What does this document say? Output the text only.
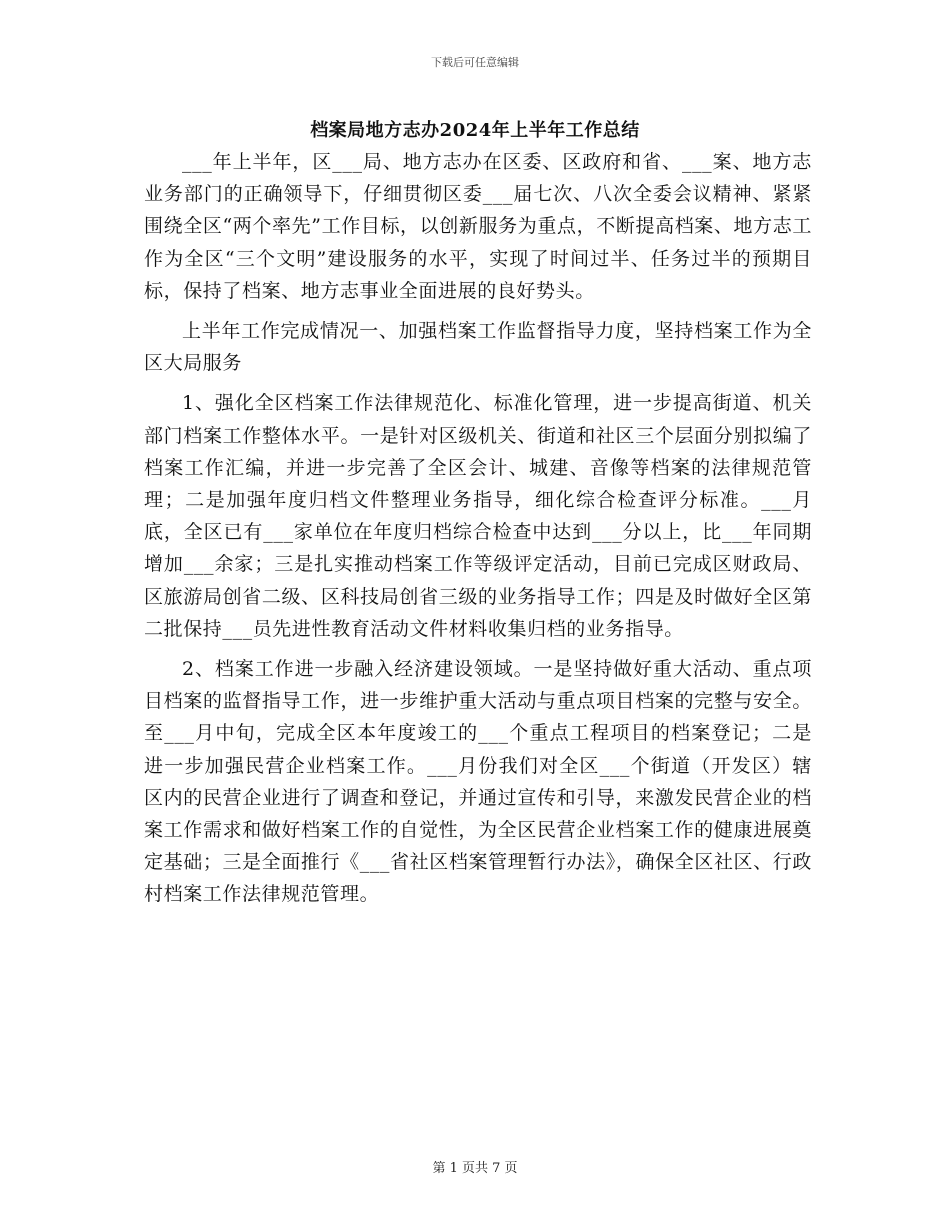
下载后可任意编辑
档案局地方志办2024年上半年工作总结

___年上半年，区___局、地方志办在区委、区政府和省、___案、地方志业务部门的正确领导下，仔细贯彻区委___届七次、八次全委会议精神、紧紧围绕全区“两个率先”工作目标，以创新服务为重点，不断提高档案、地方志工作为全区“三个文明”建设服务的水平，实现了时间过半、任务过半的预期目标，保持了档案、地方志事业全面进展的良好势头。

上半年工作完成情况一、加强档案工作监督指导力度，坚持档案工作为全区大局服务

1、强化全区档案工作法律规范化、标准化管理，进一步提高街道、机关部门档案工作整体水平。一是针对区级机关、街道和社区三个层面分别拟编了档案工作汇编，并进一步完善了全区会计、城建、音像等档案的法律规范管理；二是加强年度归档文件整理业务指导，细化综合检查评分标准。___月底，全区已有___家单位在年度归档综合检查中达到___分以上，比___年同期增加___余家；三是扎实推动档案工作等级评定活动，目前已完成区财政局、区旅游局创省二级、区科技局创省三级的业务指导工作；四是及时做好全区第二批保持___员先进性教育活动文件材料收集归档的业务指导。

2、档案工作进一步融入经济建设领域。一是坚持做好重大活动、重点项目档案的监督指导工作，进一步维护重大活动与重点项目档案的完整与安全。至___月中旬，完成全区本年度竣工的___个重点工程项目的档案登记；二是进一步加强民营企业档案工作。___月份我们对全区___个街道（开发区）辖区内的民营企业进行了调查和登记，并通过宣传和引导，来激发民营企业的档案工作需求和做好档案工作的自觉性，为全区民营企业档案工作的健康进展奠定基础；三是全面推行《___省社区档案管理暂行办法》，确保全区社区、行政村档案工作法律规范管理。

第 1 页共 7 页
